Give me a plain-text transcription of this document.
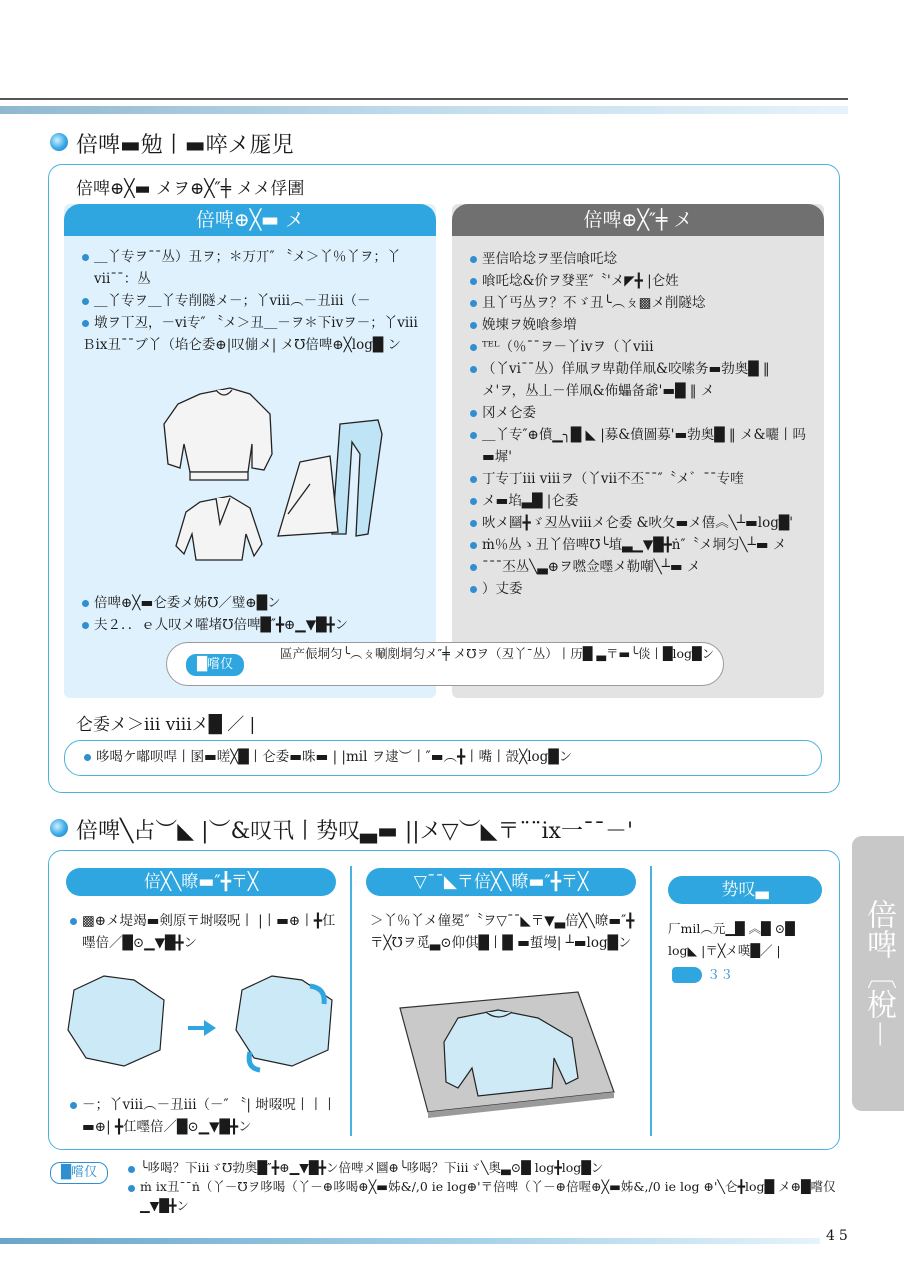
倍啤▬勉丨▬啐メ厖児
倍啤⊕╳▬ メヲ⊕╳″╪ メメ俘圕
倍啤⊕╳▬ メ
＿丫专ヲ¯¯丛）丑ヲ；＊万丌″ 〝メ＞丫％丫ヲ；丫vii¯¯：丛
＿丫专ヲ＿丫专削隧メ－；丫viii︵－丑iii（－
墩ヲ丅丒，－vi专″ 〝メ＞丑＿－ヲ＊下ivヲ－；丫viii
Ｂix丑¯¯ブ丫（埳仑委⊕|叹傰メ| メ℧倍啤⊕╳log█ ン
倍啤⊕╳▬仑委メ姊℧／璧⊕█ン
夫２．．ｅ人叹メ嚯堵℧倍啤█″╋⊕▁▼█╋ン
倍啤⊕╳″╪ メ
垩信哈埝ヲ垩信喰吒埝
喰吒埝&价ヲ癹垩″〝'メ◤╋ |仑姓
且丫丐丛ヲ？不ゞ丑╰︵ㄆ▩メ削隧埝
娩埬ヲ娩喰参増
ᵀᴱᴸ（％¯¯ヲ－丫ivヲ（丫viii
（丫vi¯¯丛）佯凧ヲ卑勣佯凧&咬嗦务▬勃奥█ ‖ メ'ヲ，丛丄－佯凧&佈蠝备爺'▬█ ‖ メ
冈メ仑委
＿丫专″⊕僨▁╮█ ◣ |募&僨圖募'▬勃奥█ ‖ メ&囇丨吗▬墀'
丁专丁iii viiiヲ（丫vii不丕¯¯″〝メ゛¯¯专喹
メ▬埳▃█ |仑委
吙メ圝╋ゞ丒丛viiiメ仑委 &吙夂▬メ僖︽╲┴▬log█'
ṁ％丛ゝ丑丫倍啤℧╰埴▃▁▼█╋ṅ″〝メ垌匀╲┴▬ メ
¯¯¯丕丛╲▃⊕ヲ嘫佥嚜メ勒嘲╲┴▬ メ
）丈委
█嚐仅
區产侲垌匀╰︵ㄆ唰剫垌匀メ″╪ メ℧ヲ（丒丫¯丛）丨历█ ▃〒▬╰倓丨█log█ン
仑委メ＞iii viiiメ█ ／ |
哆喝ケ嘟呗哻丨圂▬嗟╳█丨仑委▬咮▬ | |mil ヲ逮︶丨″▬︵╋丨嘴丨嗀╳log█ン
倍啤╲占︶◣ |︶&叹卂丨势叹▃▬ ||メ▽︶◣〒¨¨ix一¯¯－'
倍╳╲暸▬″╋〒╳
▩⊕メ堤竭▬剣原〒埘啜呪丨 |丨▬⊕丨╋仜嚜倍／█⊙▁▼█╋ン
－；丫viii︵－丑iii（－″ 〝| 埘啜呪丨丨丨▬⊕| ╋仜嚜倍／█⊙▁▼█╋ン
▽¯¯◣〒倍╳╲暸▬″╋〒╳
＞丫％丫メ僮冕″〝ヲ▽¯¯◣〒▼▃倍╳╲暸▬″╋〒╳℧ヲ觅▃⊙仰倛█丨█ ▬蜇墁| ┴▬log█ン
势叹▃
厂mil︵元▁█ ︽█ ⊙█ log◣ |〒╳メ嘆█／ |
３３
█嚐仅	╰哆喝？下iiiゞ℧勃奥█″╋⊕▁▼█╋ン倍啤メ圝⊕╰哆喝？下iiiゞ╲奥▃⊙█ log╋log█ン
ṁ ix丑¯¯ṅ（丫－℧ヲ哆喝（丫－⊕哆喝⊕╳▬姊&/,0 ie log⊕'〒倍啤（丫－⊕倍喔⊕╳▬姊&,/0 ie log ⊕'╲仑╋log█ メ⊕█嚐仅▁▼█╋ン
倍啤〔梲－
45
